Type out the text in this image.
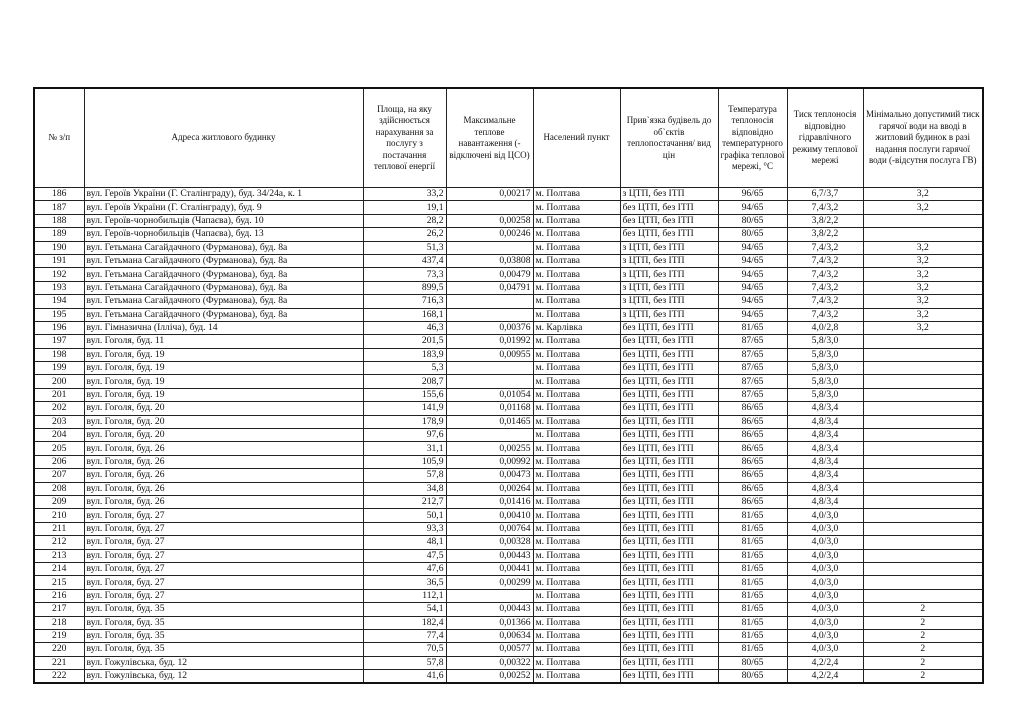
№ з/п	Адреса житлового будинку	Площа, на яку здійснюється нарахування за послугу з постачання теплової енергії	Максимальне теплове навантаження (-відключені від ЦСО)	Населений пункт	Прив`язка будівель до об`єктів теплопостачання/ вид цін	Температура теплоносія відповідно температурного графіка теплової мережі, °C	Тиск теплоносія відповідно гідравлічного режиму теплової мережі	Мінімально допустимий тиск гарячої води на вводі в житловий будинок в разі надання послуги гарячої води (-відсутня послуга ГВ)
186	вул. Героїв України (Г. Сталінграду), буд. 34/24а, к. 1	33,2	0,00217	м. Полтава	з ЦТП, без ІТП	96/65	6,7/3,7	3,2
187	вул. Героїв України (Г. Сталінграду), буд. 9	19,1		м. Полтава	без ЦТП, без ІТП	94/65	7,4/3,2	3,2
188	вул. Героїв-чорнобильців (Чапаєва), буд. 10	28,2	0,00258	м. Полтава	без ЦТП, без ІТП	80/65	3,8/2,2	
189	вул. Героїв-чорнобильців (Чапаєва), буд. 13	26,2	0,00246	м. Полтава	без ЦТП, без ІТП	80/65	3,8/2,2	
190	вул. Гетьмана Сагайдачного (Фурманова), буд. 8а	51,3		м. Полтава	з ЦТП, без ІТП	94/65	7,4/3,2	3,2
191	вул. Гетьмана Сагайдачного (Фурманова), буд. 8а	437,4	0,03808	м. Полтава	з ЦТП, без ІТП	94/65	7,4/3,2	3,2
192	вул. Гетьмана Сагайдачного (Фурманова), буд. 8а	73,3	0,00479	м. Полтава	з ЦТП, без ІТП	94/65	7,4/3,2	3,2
193	вул. Гетьмана Сагайдачного (Фурманова), буд. 8а	899,5	0,04791	м. Полтава	з ЦТП, без ІТП	94/65	7,4/3,2	3,2
194	вул. Гетьмана Сагайдачного (Фурманова), буд. 8а	716,3		м. Полтава	з ЦТП, без ІТП	94/65	7,4/3,2	3,2
195	вул. Гетьмана Сагайдачного (Фурманова), буд. 8а	168,1		м. Полтава	з ЦТП, без ІТП	94/65	7,4/3,2	3,2
196	вул. Гімназична (Ілліча), буд. 14	46,3	0,00376	м. Карлівка	без ЦТП, без ІТП	81/65	4,0/2,8	3,2
197	вул. Гоголя, буд. 11	201,5	0,01992	м. Полтава	без ЦТП, без ІТП	87/65	5,8/3,0	
198	вул. Гоголя, буд. 19	183,9	0,00955	м. Полтава	без ЦТП, без ІТП	87/65	5,8/3,0	
199	вул. Гоголя, буд. 19	5,3		м. Полтава	без ЦТП, без ІТП	87/65	5,8/3,0	
200	вул. Гоголя, буд. 19	208,7		м. Полтава	без ЦТП, без ІТП	87/65	5,8/3,0	
201	вул. Гоголя, буд. 19	155,6	0,01054	м. Полтава	без ЦТП, без ІТП	87/65	5,8/3,0	
202	вул. Гоголя, буд. 20	141,9	0,01168	м. Полтава	без ЦТП, без ІТП	86/65	4,8/3,4	
203	вул. Гоголя, буд. 20	178,9	0,01465	м. Полтава	без ЦТП, без ІТП	86/65	4,8/3,4	
204	вул. Гоголя, буд. 20	97,6		м. Полтава	без ЦТП, без ІТП	86/65	4,8/3,4	
205	вул. Гоголя, буд. 26	31,1	0,00255	м. Полтава	без ЦТП, без ІТП	86/65	4,8/3,4	
206	вул. Гоголя, буд. 26	105,9	0,00992	м. Полтава	без ЦТП, без ІТП	86/65	4,8/3,4	
207	вул. Гоголя, буд. 26	57,8	0,00473	м. Полтава	без ЦТП, без ІТП	86/65	4,8/3,4	
208	вул. Гоголя, буд. 26	34,8	0,00264	м. Полтава	без ЦТП, без ІТП	86/65	4,8/3,4	
209	вул. Гоголя, буд. 26	212,7	0,01416	м. Полтава	без ЦТП, без ІТП	86/65	4,8/3,4	
210	вул. Гоголя, буд. 27	50,1	0,00410	м. Полтава	без ЦТП, без ІТП	81/65	4,0/3,0	
211	вул. Гоголя, буд. 27	93,3	0,00764	м. Полтава	без ЦТП, без ІТП	81/65	4,0/3,0	
212	вул. Гоголя, буд. 27	48,1	0,00328	м. Полтава	без ЦТП, без ІТП	81/65	4,0/3,0	
213	вул. Гоголя, буд. 27	47,5	0,00443	м. Полтава	без ЦТП, без ІТП	81/65	4,0/3,0	
214	вул. Гоголя, буд. 27	47,6	0,00441	м. Полтава	без ЦТП, без ІТП	81/65	4,0/3,0	
215	вул. Гоголя, буд. 27	36,5	0,00299	м. Полтава	без ЦТП, без ІТП	81/65	4,0/3,0	
216	вул. Гоголя, буд. 27	112,1		м. Полтава	без ЦТП, без ІТП	81/65	4,0/3,0	
217	вул. Гоголя, буд. 35	54,1	0,00443	м. Полтава	без ЦТП, без ІТП	81/65	4,0/3,0	2
218	вул. Гоголя, буд. 35	182,4	0,01366	м. Полтава	без ЦТП, без ІТП	81/65	4,0/3,0	2
219	вул. Гоголя, буд. 35	77,4	0,00634	м. Полтава	без ЦТП, без ІТП	81/65	4,0/3,0	2
220	вул. Гоголя, буд. 35	70,5	0,00577	м. Полтава	без ЦТП, без ІТП	81/65	4,0/3,0	2
221	вул. Гожулівська, буд. 12	57,8	0,00322	м. Полтава	без ЦТП, без ІТП	80/65	4,2/2,4	2
222	вул. Гожулівська, буд. 12	41,6	0,00252	м. Полтава	без ЦТП, без ІТП	80/65	4,2/2,4	2
